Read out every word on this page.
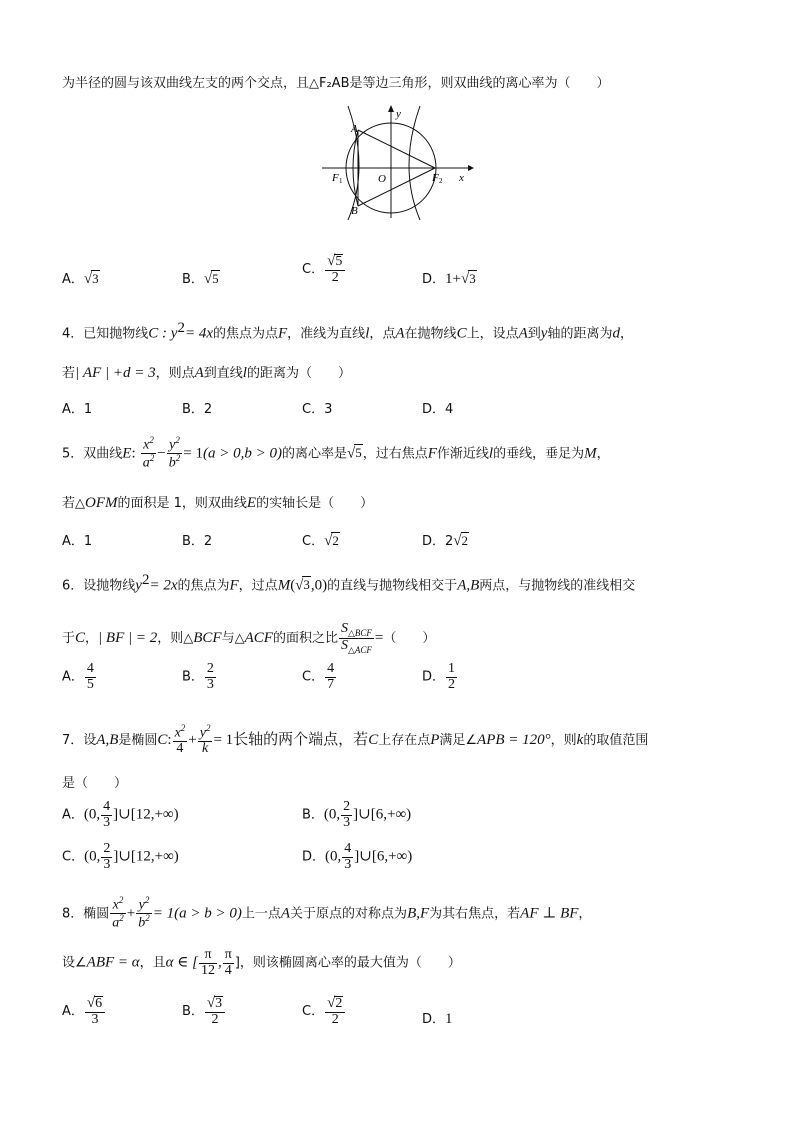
为半径的圆与该双曲线左支的两个交点，且△F₂AB是等边三角形，则双曲线的离心率为（　　）
A
B
O
F 1	F 2 x
y
A．√3	B．√5
C． $\frac{√5}{2}$	D．1+√3
4．已知抛物线C : $y^2= 4x$的焦点为点F，准线为直线l，点A在抛物线C上，设点A到y轴的距离为d，
若| AF | +d = 3，则点A到直线l的距离为（　　）
A．1	B．2	C．3	D．4
5．双曲线E: $\frac{x^2}{a^2} - \frac{y^2}{b^2} = 1(a > 0,b > 0)$的离心率是√5，过右焦点F作渐近线l的垂线，垂足为M，
若△OFM的面积是 1，则双曲线E的实轴长是（　　）
A．1	B．2	C．√2	D．2√2
6．设抛物线$y^2= 2x$的焦点为F，过点M(√3,0)的直线与抛物线相交于A,B两点，与抛物线的准线相交
于C，| BF | = 2，则△BCF与△ACF的面积之比 $\frac{S_{\triangle BCF}}{S_{\triangle ACF}}$ =（　　）
A． $\frac{4}{5}$	B． $\frac{2}{3}$	C． $\frac{4}{7}$	D． $\frac{1}{2}$
7．设A,B是椭圆C: $\frac{x^2}{4} + \frac{y^2}{k} = 1$长轴的两个端点，若C上存在点P满足∠APB = 120°，则k的取值范围
是（　　）
A．(0, $\frac{4}{3}$ ]∪[12,+∞)	B．(0, $\frac{2}{3}$ ]∪[6,+∞)
C．(0, $\frac{2}{3}$ ]∪[12,+∞)	D．(0, $\frac{4}{3}$ ]∪[6,+∞)
8．椭圆 $\frac{x^2}{a^2} + \frac{y^2}{b^2} = 1(a > b > 0)$上一点A关于原点的对称点为B,F为其右焦点，若AF ⊥ BF，
设∠ABF = α，且α ∈ [ $\frac{\pi}{12}$ , $\frac{\pi}{4}$ ]，则该椭圆离心率的最大值为（　　）
A． $\frac{√6}{3}$	B． $\frac{√3}{2}$	C． $\frac{√2}{2}$	D．1
